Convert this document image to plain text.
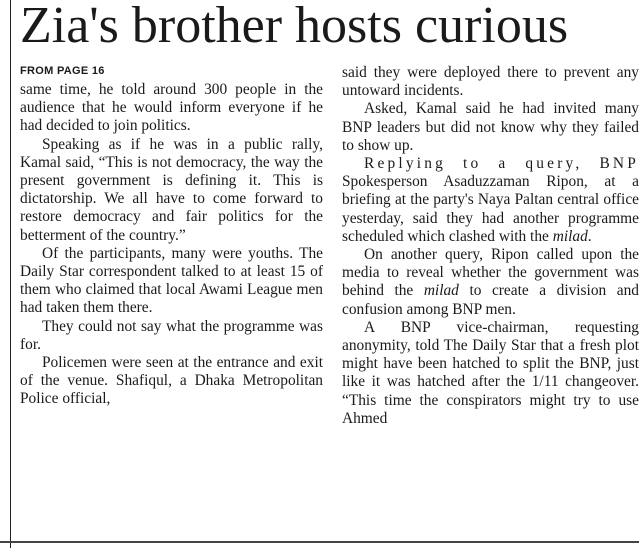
Zia's brother hosts curious
FROM PAGE 16

same time, he told around 300 people in the audience that he would inform everyone if he had decided to join politics.

Speaking as if he was in a public rally, Kamal said, “This is not democracy, the way the present government is defining it. This is dictatorship. We all have to come forward to restore democracy and fair politics for the betterment of the country.”

Of the participants, many were youths. The Daily Star correspondent talked to at least 15 of them who claimed that local Awami League men had taken them there.

They could not say what the programme was for.

Policemen were seen at the entrance and exit of the venue. Shafiqul, a Dhaka Metropolitan Police official,

said they were deployed there to prevent any untoward incidents.

Asked, Kamal said he had invited many BNP leaders but did not know why they failed to show up.

Replying to a query, BNP Spokesperson Asaduzzaman Ripon, at a briefing at the party's Naya Paltan central office yesterday, said they had another programme scheduled which clashed with the milad.

On another query, Ripon called upon the media to reveal whether the government was behind the milad to create a division and confusion among BNP men.

A BNP vice-chairman, requesting anonymity, told The Daily Star that a fresh plot might have been hatched to split the BNP, just like it was hatched after the 1/11 changeover. “This time the conspirators might try to use Ahmed
